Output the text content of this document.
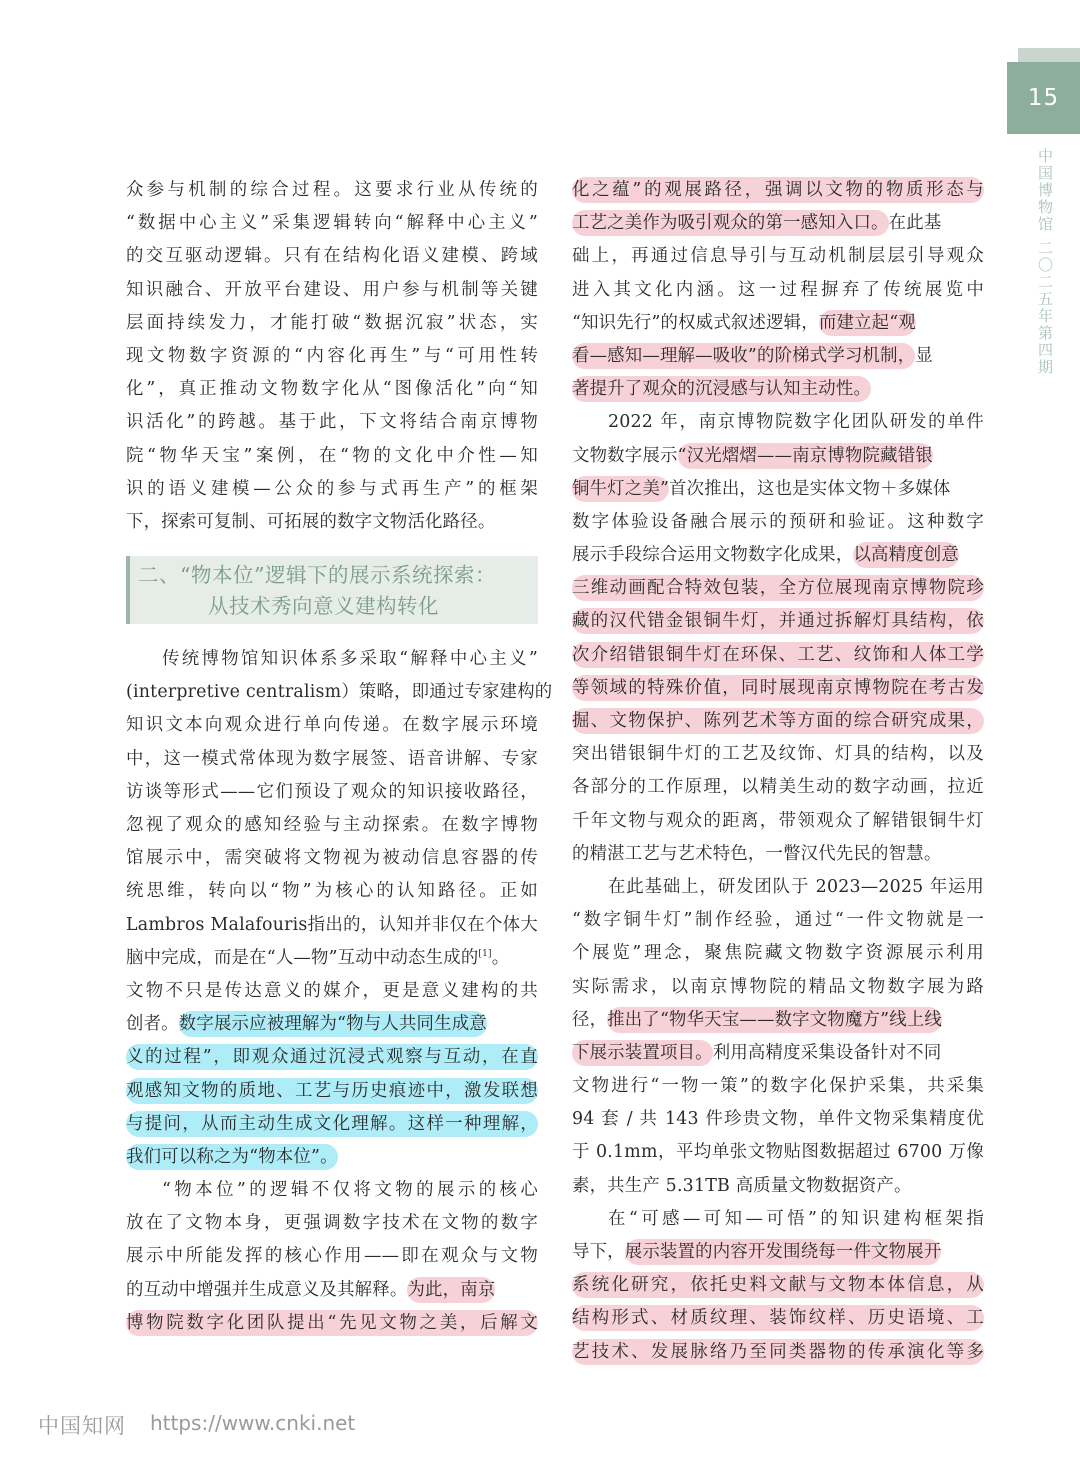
15
中国博物馆 二〇二五年第四期
众参与机制的综合过程。这要求行业从传统的
“数据中心主义”采集逻辑转向“解释中心主义”
的交互驱动逻辑。只有在结构化语义建模、跨域
知识融合、开放平台建设、用户参与机制等关键
层面持续发力，才能打破“数据沉寂”状态，实
现文物数字资源的“内容化再生”与“可用性转
化”，真正推动文物数字化从“图像活化”向“知
识活化”的跨越。基于此，下文将结合南京博物
院“物华天宝”案例，在“物的文化中介性—知
识的语义建模—公众的参与式再生产”的框架
下，探索可复制、可拓展的数字文物活化路径。
二、“物本位”逻辑下的展示系统探索：
从技术秀向意义建构转化
传统博物馆知识体系多采取“解释中心主义”
(interpretive centralism）策略，即通过专家建构的
知识文本向观众进行单向传递。在数字展示环境
中，这一模式常体现为数字展签、语音讲解、专家
访谈等形式——它们预设了观众的知识接收路径，
忽视了观众的感知经验与主动探索。在数字博物
馆展示中，需突破将文物视为被动信息容器的传
统思维，转向以“物”为核心的认知路径。正如
Lambros Malafouris指出的，认知并非仅在个体大
脑中完成，而是在“人—物”互动中动态生成的[1]。
文物不只是传达意义的媒介，更是意义建构的共
创者。数字展示应被理解为“物与人共同生成意
义的过程”，即观众通过沉浸式观察与互动，在直
观感知文物的质地、工艺与历史痕迹中，激发联想
与提问，从而主动生成文化理解。这样一种理解，
我们可以称之为“物本位”。
“物本位”的逻辑不仅将文物的展示的核心
放在了文物本身，更强调数字技术在文物的数字
展示中所能发挥的核心作用——即在观众与文物
的互动中增强并生成意义及其解释。为此，南京
博物院数字化团队提出“先见文物之美，后解文
化之蕴”的观展路径，强调以文物的物质形态与
工艺之美作为吸引观众的第一感知入口。在此基
础上，再通过信息导引与互动机制层层引导观众
进入其文化内涵。这一过程摒弃了传统展览中
“知识先行”的权威式叙述逻辑，而建立起“观
看—感知—理解—吸收”的阶梯式学习机制，显
著提升了观众的沉浸感与认知主动性。
2022 年，南京博物院数字化团队研发的单件
文物数字展示“汉光熠熠——南京博物院藏错银
铜牛灯之美”首次推出，这也是实体文物＋多媒体
数字体验设备融合展示的预研和验证。这种数字
展示手段综合运用文物数字化成果，以高精度创意
三维动画配合特效包装，全方位展现南京博物院珍
藏的汉代错金银铜牛灯，并通过拆解灯具结构，依
次介绍错银铜牛灯在环保、工艺、纹饰和人体工学
等领域的特殊价值，同时展现南京博物院在考古发
掘、文物保护、陈列艺术等方面的综合研究成果，
突出错银铜牛灯的工艺及纹饰、灯具的结构，以及
各部分的工作原理，以精美生动的数字动画，拉近
千年文物与观众的距离，带领观众了解错银铜牛灯
的精湛工艺与艺术特色，一瞥汉代先民的智慧。
在此基础上，研发团队于 2023—2025 年运用
“数字铜牛灯”制作经验，通过“一件文物就是一
个展览”理念，聚焦院藏文物数字资源展示利用
实际需求，以南京博物院的精品文物数字展为路
径，推出了“物华天宝——数字文物魔方”线上线
下展示装置项目。利用高精度采集设备针对不同
文物进行“一物一策”的数字化保护采集，共采集
94 套 / 共 143 件珍贵文物，单件文物采集精度优
于 0.1mm，平均单张文物贴图数据超过 6700 万像
素，共生产 5.31TB 高质量文物数据资产。
在“可感—可知—可悟”的知识建构框架指
导下，展示装置的内容开发围绕每一件文物展开
系统化研究，依托史料文献与文物本体信息，从
结构形式、材质纹理、装饰纹样、历史语境、工
艺技术、发展脉络乃至同类器物的传承演化等多
中国知网 https://www.cnki.net
